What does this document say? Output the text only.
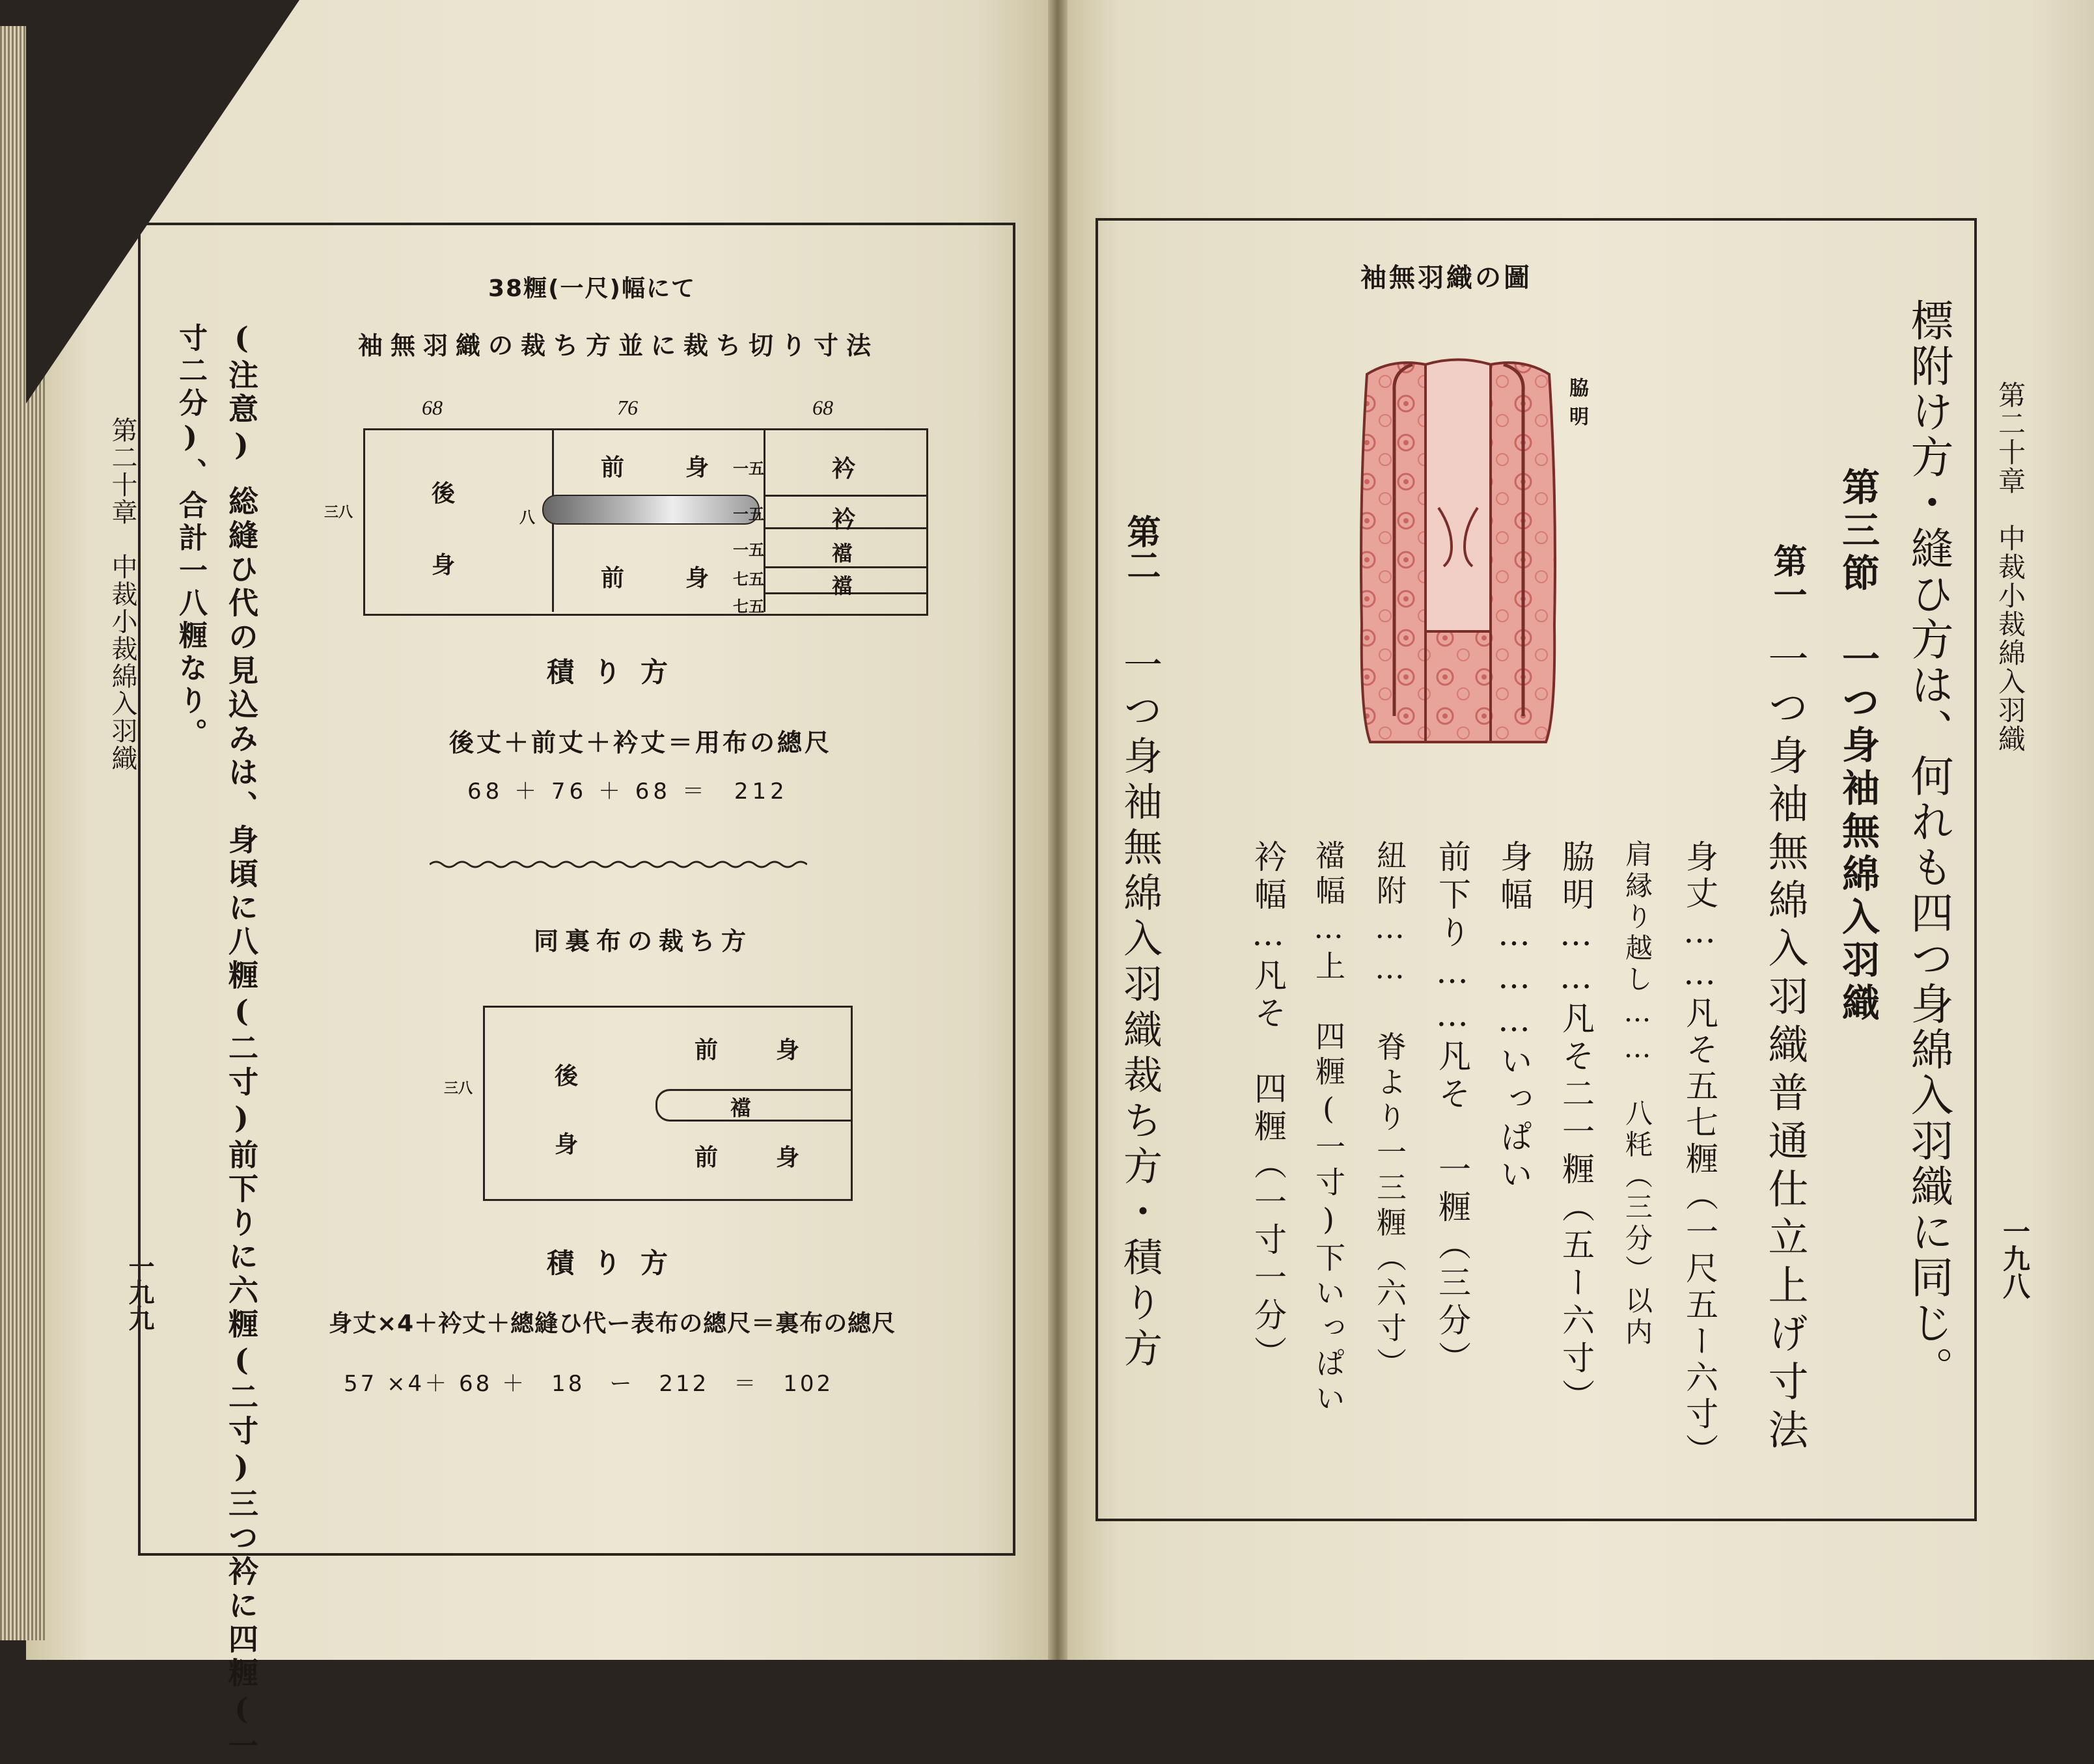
第二十章　中裁小裁綿入羽織
一九九
(注意)総縫ひ代の見込みは、身頃に八糎(二寸)前下りに六糎(二寸)三つ衿に四糎(一
寸二分)、合計一八糎なり。
38糎(一尺)幅にて
袖無羽織の裁ち方並に裁ち切り寸法
68	76	68
三八	八
後
身
前	身
前	身
衿
衿
襠
襠
一五
一五
一五
七五
七五
積り方
後丈＋前丈＋衿丈＝用布の總尺
68 ＋ 76 ＋ 68 ＝　212
同裏布の裁ち方
三八	後
身
前 身
襠
前 身
積り方
身丈×4＋衿丈＋總縫ひ代ー表布の總尺＝裏布の總尺
57 ×4＋ 68 ＋　18　ー　212　＝　102
第二十章　中裁小裁綿入羽織
一九八
標附け方・縫ひ方は、何れも四つ身綿入羽織に同じ。
第三節　一つ身袖無綿入羽織
第一
一つ身袖無綿入羽織普通仕立上げ寸法
身丈……凡そ五七糎（一尺五ー六寸）
肩縁り越し……　八粍（三分）以内
脇明……凡そ二一糎（五ー六寸）
身幅………いっぱい
前下り……凡そ　一糎（三分）
紐附…… 脊より一三糎（六寸）
襠幅…上　四糎(一寸)下いっぱい
衿幅…凡そ　四糎（一寸一分）
第二
一つ身袖無綿入羽織裁ち方・積り方
袖無羽織の圖
脇明
